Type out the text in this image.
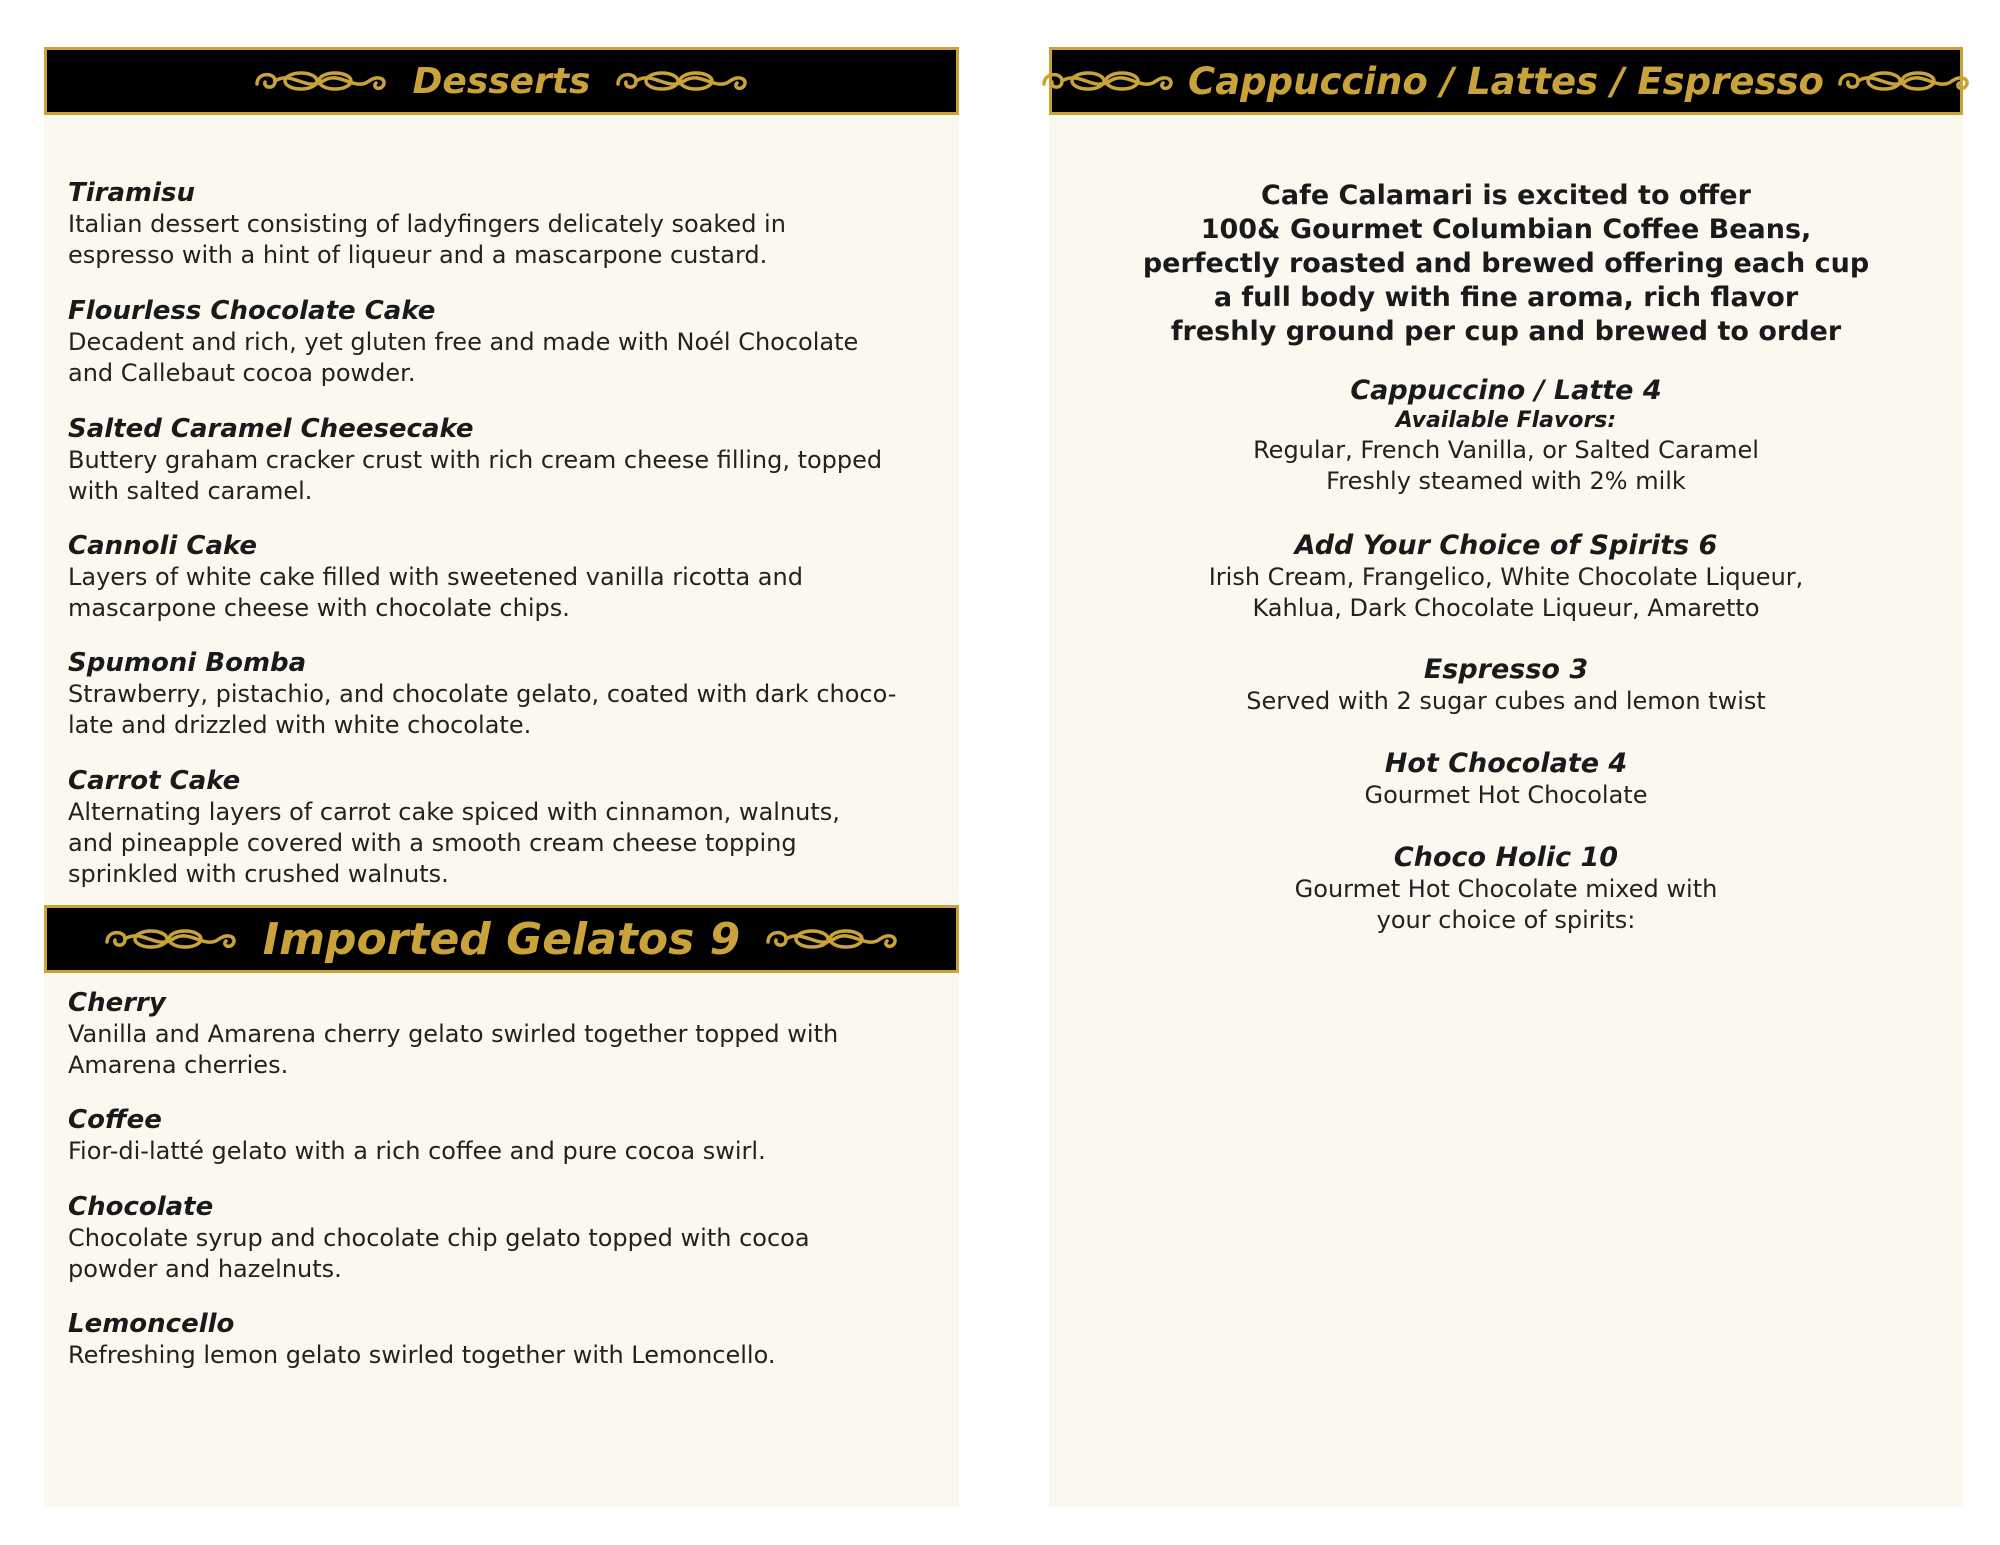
Desserts
Tiramisu
Italian dessert consisting of ladyfingers delicately soaked in
espresso with a hint of liqueur and a mascarpone custard.
Flourless Chocolate Cake
Decadent and rich, yet gluten free and made with Noél Chocolate
and Callebaut cocoa powder.
Salted Caramel Cheesecake
Buttery graham cracker crust with rich cream cheese filling, topped
with salted caramel.
Cannoli Cake
Layers of white cake filled with sweetened vanilla ricotta and
mascarpone cheese with chocolate chips.
Spumoni Bomba
Strawberry, pistachio, and chocolate gelato, coated with dark choco-
late and drizzled with white chocolate.
Carrot Cake
Alternating layers of carrot cake spiced with cinnamon, walnuts,
and pineapple covered with a smooth cream cheese topping
sprinkled with crushed walnuts.
Imported Gelatos 9
Cherry
Vanilla and Amarena cherry gelato swirled together topped with
Amarena cherries.
Coffee
Fior-di-latté gelato with a rich coffee and pure cocoa swirl.
Chocolate
Chocolate syrup and chocolate chip gelato topped with cocoa
powder and hazelnuts.
Lemoncello
Refreshing lemon gelato swirled together with Lemoncello.
Cappuccino / Lattes / Espresso
Cafe Calamari is excited to offer
100& Gourmet Columbian Coffee Beans,
perfectly roasted and brewed offering each cup
a full body with fine aroma, rich flavor
freshly ground per cup and brewed to order
Cappuccino / Latte 4
Available Flavors:
Regular, French Vanilla, or Salted Caramel
Freshly steamed with 2% milk
Add Your Choice of Spirits 6
Irish Cream, Frangelico, White Chocolate Liqueur,
Kahlua, Dark Chocolate Liqueur, Amaretto
Espresso 3
Served with 2 sugar cubes and lemon twist
Hot Chocolate 4
Gourmet Hot Chocolate
Choco Holic 10
Gourmet Hot Chocolate mixed with
your choice of spirits:
